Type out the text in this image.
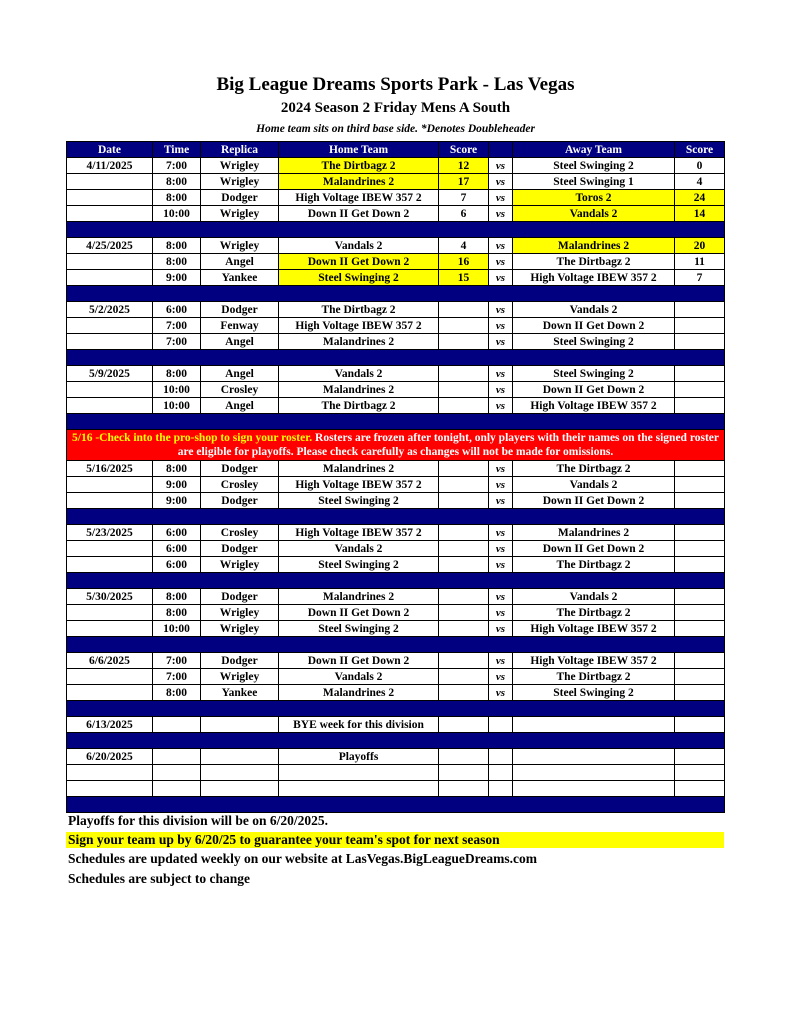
Big League Dreams Sports Park - Las Vegas
2024 Season 2 Friday Mens A South
Home team sits on third base side. *Denotes Doubleheader
Date	Time	Replica	Home Team	Score		Away Team	Score
4/11/2025	7:00	Wrigley	The Dirtbagz 2	12	vs	Steel Swinging 2	0
	8:00	Wrigley	Malandrines 2	17	vs	Steel Swinging 1	4
	8:00	Dodger	High Voltage IBEW 357 2	7	vs	Toros 2	24
	10:00	Wrigley	Down II Get Down 2	6	vs	Vandals 2	14

4/25/2025	8:00	Wrigley	Vandals 2	4	vs	Malandrines 2	20
	8:00	Angel	Down II Get Down 2	16	vs	The Dirtbagz 2	11
	9:00	Yankee	Steel Swinging 2	15	vs	High Voltage IBEW 357 2	7

5/2/2025	6:00	Dodger	The Dirtbagz 2		vs	Vandals 2	
	7:00	Fenway	High Voltage IBEW 357 2		vs	Down II Get Down 2	
	7:00	Angel	Malandrines 2		vs	Steel Swinging 2	

5/9/2025	8:00	Angel	Vandals 2		vs	Steel Swinging 2	
	10:00	Crosley	Malandrines 2		vs	Down II Get Down 2	
	10:00	Angel	The Dirtbagz 2		vs	High Voltage IBEW 357 2	

5/16 -Check into the pro-shop to sign your roster. Rosters are frozen after tonight, only players with their names on the signed roster are eligible for playoffs. Please check carefully as changes will not be made for omissions.							
5/16/2025	8:00	Dodger	Malandrines 2		vs	The Dirtbagz 2	
	9:00	Crosley	High Voltage IBEW 357 2		vs	Vandals 2	
	9:00	Dodger	Steel Swinging 2		vs	Down II Get Down 2	

5/23/2025	6:00	Crosley	High Voltage IBEW 357 2		vs	Malandrines 2	
	6:00	Dodger	Vandals 2		vs	Down II Get Down 2	
	6:00	Wrigley	Steel Swinging 2		vs	The Dirtbagz 2	

5/30/2025	8:00	Dodger	Malandrines 2		vs	Vandals 2	
	8:00	Wrigley	Down II Get Down 2		vs	The Dirtbagz 2	
	10:00	Wrigley	Steel Swinging 2		vs	High Voltage IBEW 357 2	

6/6/2025	7:00	Dodger	Down II Get Down 2		vs	High Voltage IBEW 357 2	
	7:00	Wrigley	Vandals 2		vs	The Dirtbagz 2	
	8:00	Yankee	Malandrines 2		vs	Steel Swinging 2	

6/13/2025			BYE week for this division				

6/20/2025			Playoffs				

Playoffs for this division will be on 6/20/2025.
Sign your team up by 6/20/25 to guarantee your team's spot for next season
Schedules are updated weekly on our website at LasVegas.BigLeagueDreams.com
Schedules are subject to change
